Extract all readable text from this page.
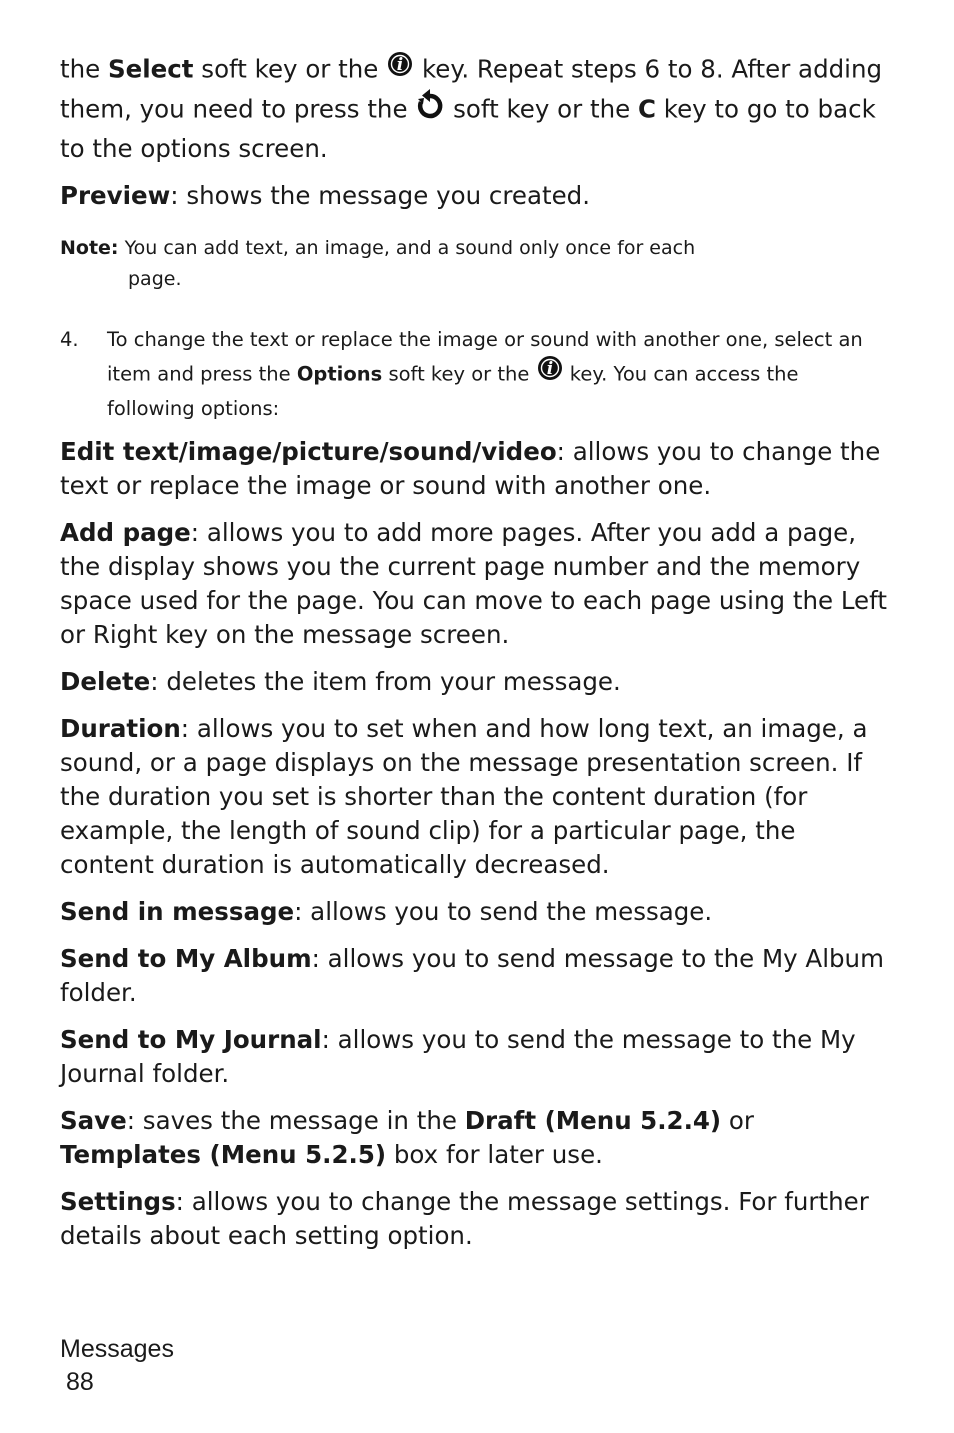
the Select soft key or the i key. Repeat steps 6 to 8. After adding them, you need to press the  soft key or the C key to go to back to the options screen.

Preview: shows the message you created.

Note: You can add text, an image, and a sound only once for each
page.
4.	To change the text or replace the image or sound with another one, select an item and press the Options soft key or the i key. You can access the following options:

Edit text/image/picture/sound/video: allows you to change the text or replace the image or sound with another one.

Add page: allows you to add more pages. After you add a page, the display shows you the current page number and the memory space used for the page. You can move to each page using the Left or Right key on the message screen.

Delete: deletes the item from your message.

Duration: allows you to set when and how long text, an image, a sound, or a page displays on the message presentation screen. If the duration you set is shorter than the content duration (for example, the length of sound clip) for a particular page, the content duration is automatically decreased.

Send in message: allows you to send the message.

Send to My Album: allows you to send message to the My Album folder.

Send to My Journal: allows you to send the message to the My Journal folder.

Save: saves the message in the Draft (Menu 5.2.4) or Templates (Menu 5.2.5) box for later use.

Settings: allows you to change the message settings. For further details about each setting option.

Messages
88
